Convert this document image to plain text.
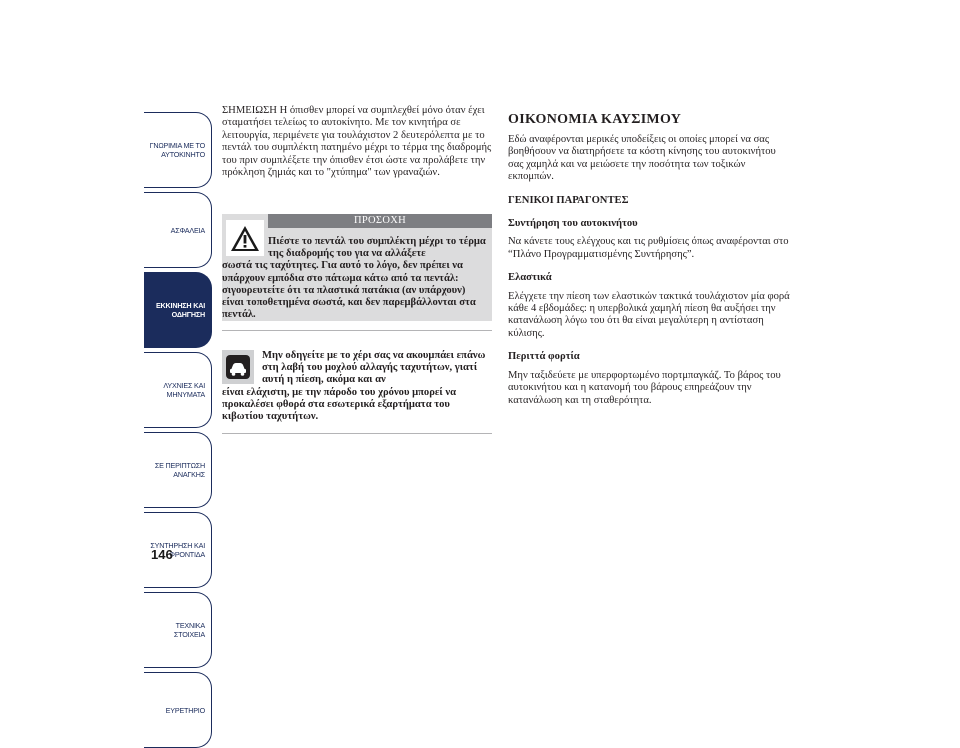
ΓΝΩΡΙΜΙΑ ΜΕ ΤΟ
ΑΥΤΟΚΙΝΗΤΟ
ΑΣΦΑΛΕΙΑ
ΕΚΚΙΝΗΣΗ ΚΑΙ
ΟΔΗΓΗΣΗ
ΛΥΧΝΙΕΣ ΚΑΙ
ΜΗΝΥΜΑΤΑ
ΣΕ ΠΕΡΙΠΤΩΣΗ
ΑΝΑΓΚΗΣ
ΣΥΝΤΗΡΗΣΗ ΚΑΙ
ΦΡΟΝΤΙΔΑ
ΤΕΧΝΙΚΑ ΣΤΟΙΧΕΙΑ
ΕΥΡΕΤΗΡΙΟ
146

ΣΗΜΕΙΩΣΗ Η όπισθεν μπορεί να συμπλεχθεί μόνο όταν έχει σταματήσει τελείως το αυτοκίνητο. Με τον κινητήρα σε λειτουργία, περιμένετε για τουλάχιστον 2 δευτερόλεπτα με το πεντάλ του συμπλέκτη πατημένο μέχρι το τέρμα της διαδρομής του πριν συμπλέξετε την όπισθεν έτσι ώστε να προλάβετε την πρόκληση ζημιάς και το "χτύπημα" των γραναζιών.

ΠΡΟΣΟΧΗ
Πιέστε το πεντάλ του συμπλέκτη μέχρι το τέρμα της διαδρομής του για να αλλάξετε
σωστά τις ταχύτητες. Για αυτό το λόγο, δεν πρέπει να υπάρχουν εμπόδια στο πάτωμα κάτω από τα πεντάλ: σιγουρευτείτε ότι τα πλαστικά πατάκια (αν υπάρχουν) είναι τοποθετημένα σωστά, και δεν παρεμβάλλονται στα πεντάλ.
Μην οδηγείτε με το χέρι σας να ακουμπάει επάνω στη λαβή του μοχλού αλλαγής ταχυτήτων, γιατί αυτή η πίεση, ακόμα και αν
είναι ελάχιστη, με την πάροδο του χρόνου μπορεί να προκαλέσει φθορά στα εσωτερικά εξαρτήματα του κιβωτίου ταχυτήτων.
ΟΙΚΟΝΟΜΙΑ ΚΑΥΣΙΜΟΥ

Εδώ αναφέρονται μερικές υποδείξεις οι οποίες μπορεί να σας βοηθήσουν να διατηρήσετε τα κόστη κίνησης του αυτοκινήτου σας χαμηλά και να μειώσετε την ποσότητα των τοξικών εκπομπών.

ΓΕΝΙΚΟΙ ΠΑΡΑΓΟΝΤΕΣ

Συντήρηση του αυτοκινήτου

Να κάνετε τους ελέγχους και τις ρυθμίσεις όπως αναφέρονται στο “Πλάνο Προγραμματισμένης Συντήρησης”.

Ελαστικά

Ελέγχετε την πίεση των ελαστικών τακτικά τουλάχιστον μία φορά κάθε 4 εβδομάδες: η υπερβολικά χαμηλή πίεση θα αυξήσει την κατανάλωση λόγω του ότι θα είναι μεγαλύτερη η αντίσταση κύλισης.

Περιττά φορτία

Μην ταξιδεύετε με υπερφορτωμένο πορτμπαγκάζ. Το βάρος του αυτοκινήτου και η κατανομή του βάρους επηρεάζουν την κατανάλωση και τη σταθερότητα.
